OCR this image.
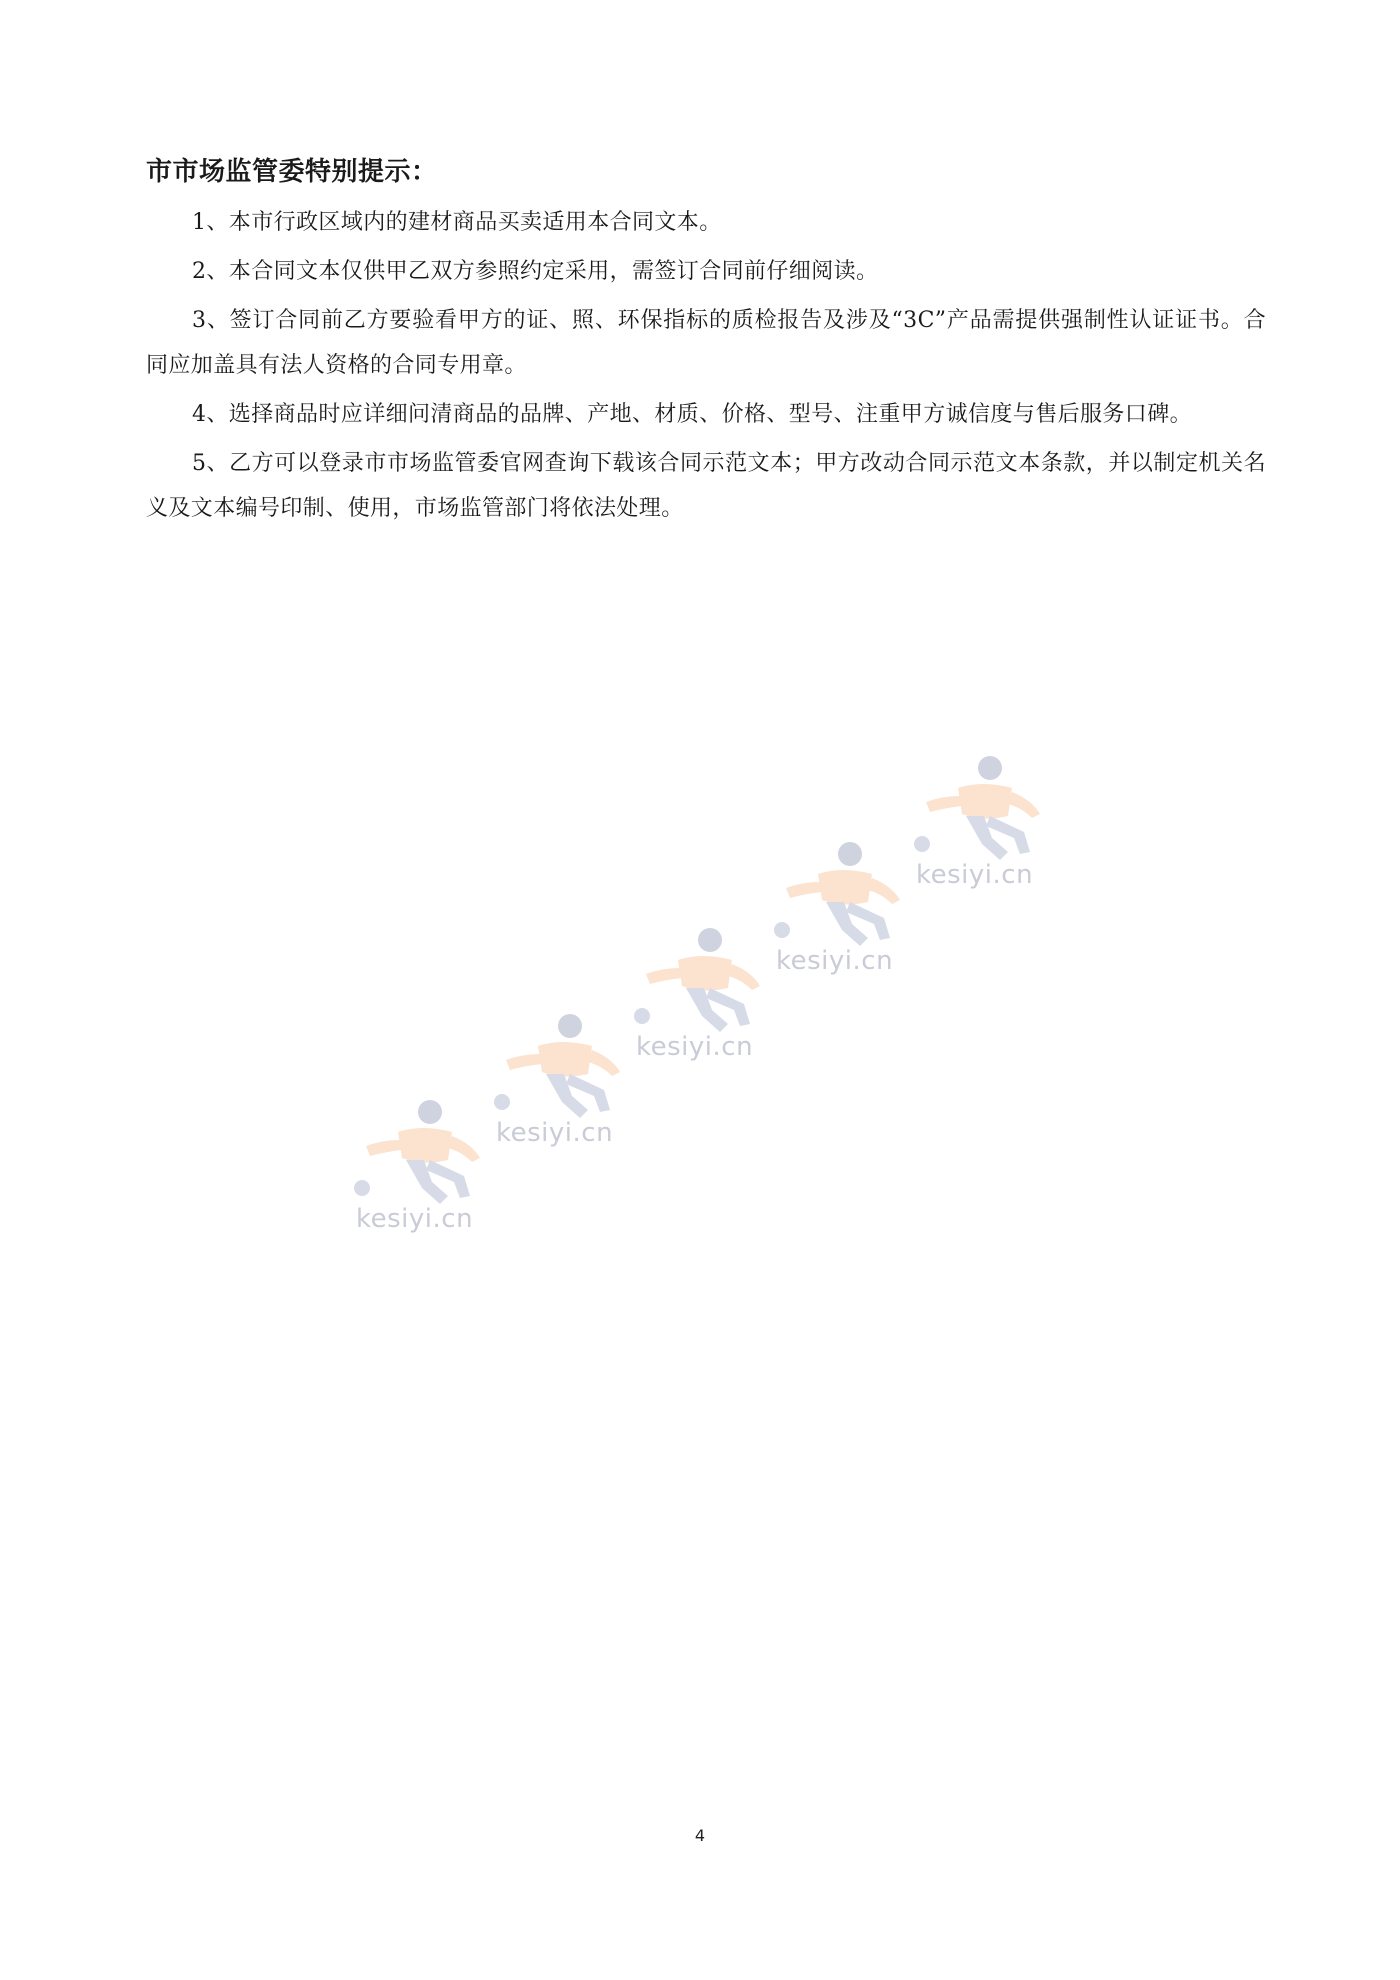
市市场监管委特别提示：

1、本市行政区域内的建材商品买卖适用本合同文本。

2、本合同文本仅供甲乙双方参照约定采用，需签订合同前仔细阅读。

3、签订合同前乙方要验看甲方的证、照、环保指标的质检报告及涉及“3C”产品需提供强制性认证证书。合同应加盖具有法人资格的合同专用章。

4、选择商品时应详细问清商品的品牌、产地、材质、价格、型号、注重甲方诚信度与售后服务口碑。

5、乙方可以登录市市场监管委官网查询下载该合同示范文本；甲方改动合同示范文本条款，并以制定机关名义及文本编号印制、使用，市场监管部门将依法处理。

kesiyi.cn
kesiyi.cn
kesiyi.cn
kesiyi.cn
kesiyi.cn
4
